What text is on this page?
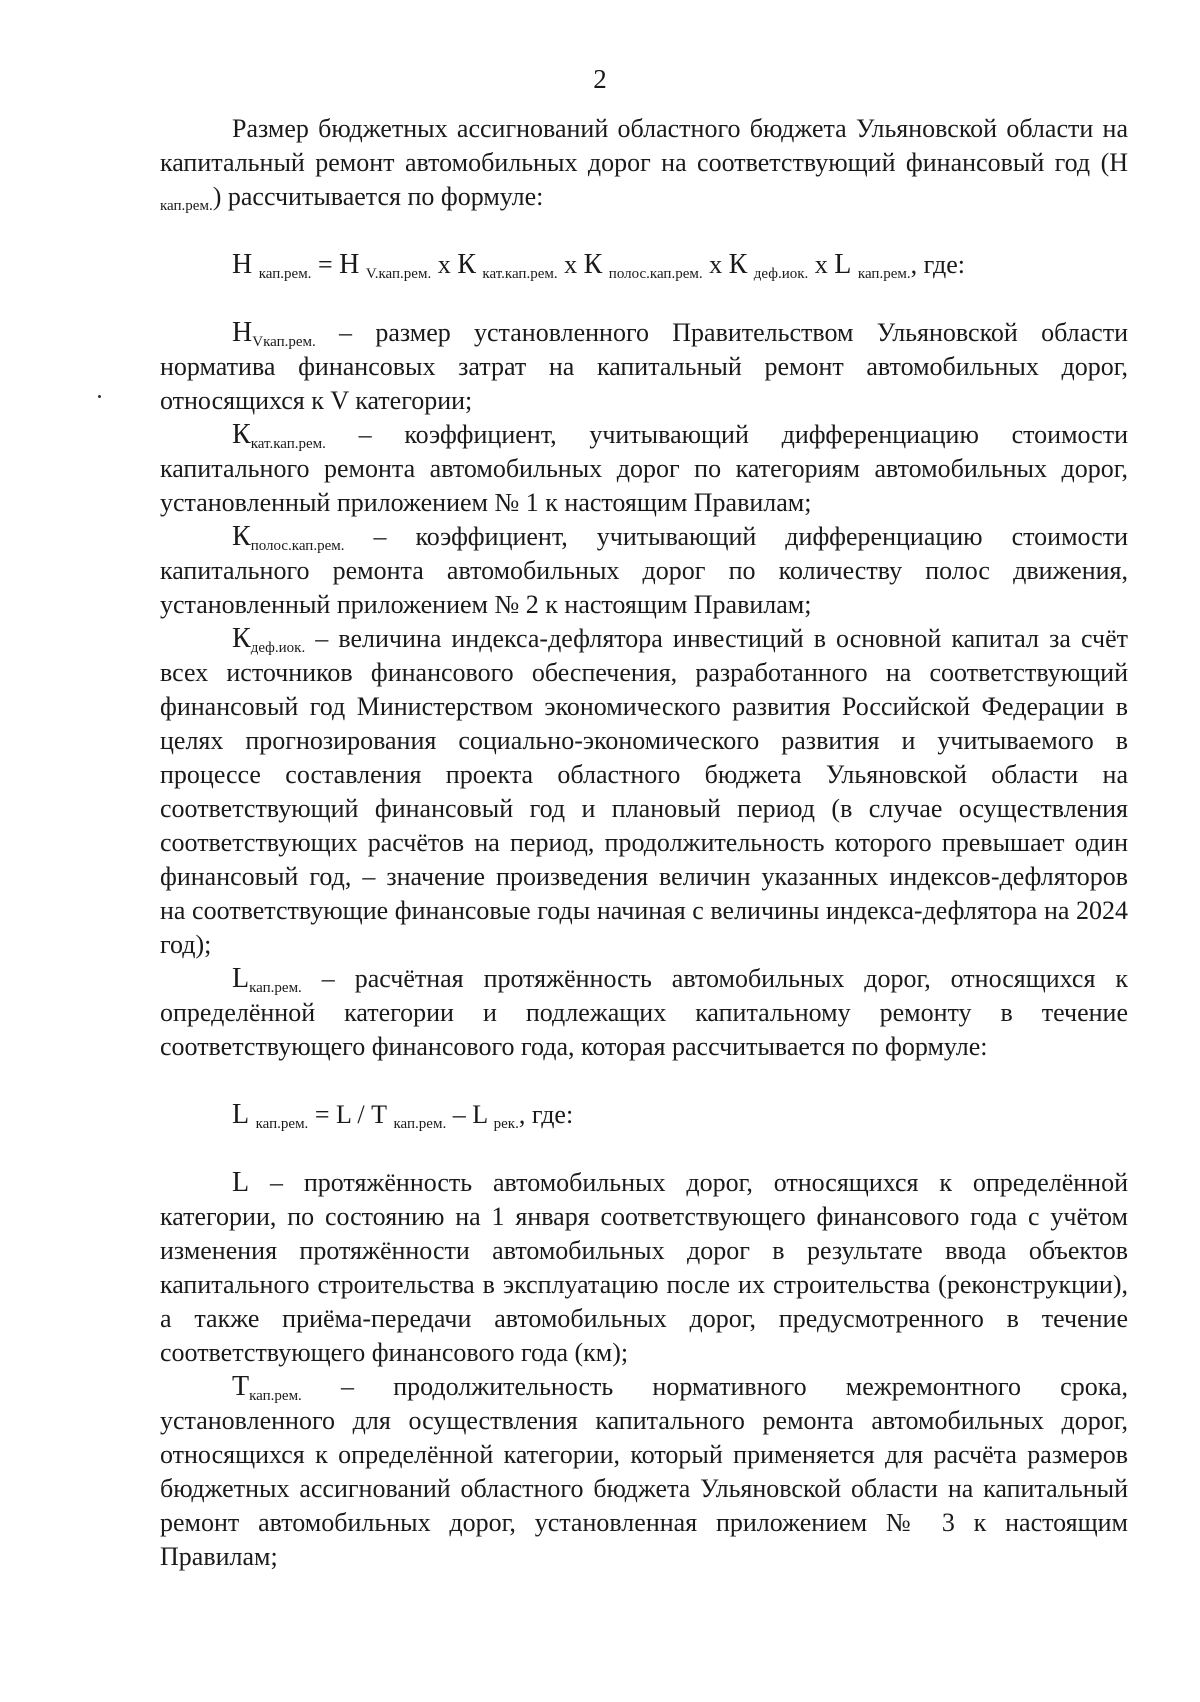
2

Размер бюджетных ассигнований областного бюджета Ульяновской области на капитальный ремонт автомобильных дорог на соответствующий финансовый год (Н $_{кап.рем.}$) рассчитывается по формуле:

Н $_{кап.рем.}$ = Н $_{V.кап.рем.}$ х К $_{кат.кап.рем.}$ х К $_{полос.кап.рем.}$ х К $_{деф.иок.}$ х L $_{кап.рем.}$, где:

$Н_{Vкап.рем.}$ – размер установленного Правительством Ульяновской области норматива финансовых затрат на капитальный ремонт автомобильных дорог, относящихся к V категории;

$К_{кат.кап.рем.}$ – коэффициент, учитывающий дифференциацию стоимости капитального ремонта автомобильных дорог по категориям автомобильных дорог, установленный приложением № 1 к настоящим Правилам;

$К_{полос.кап.рем.}$ – коэффициент, учитывающий дифференциацию стоимости капитального ремонта автомобильных дорог по количеству полос движения, установленный приложением № 2 к настоящим Правилам;

$К_{деф.иок.}$ – величина индекса-дефлятора инвестиций в основной капитал за счёт всех источников финансового обеспечения, разработанного на соответствующий финансовый год Министерством экономического развития Российской Федерации в целях прогнозирования социально-экономического развития и учитываемого в процессе составления проекта областного бюджета Ульяновской области на соответствующий финансовый год и плановый период (в случае осуществления соответствующих расчётов на период, продолжительность которого превышает один финансовый год, – значение произведения величин указанных индексов-дефляторов на соответствующие финансовые годы начиная с величины индекса-дефлятора на 2024 год);

$L_{кап.рем.}$ – расчётная протяжённость автомобильных дорог, относящихся к определённой категории и подлежащих капитальному ремонту в течение соответствующего финансового года, которая рассчитывается по формуле:

L $_{кап.рем.}$ = L / Т $_{кап.рем.}$ – L $_{рек.}$, где:

L – протяжённость автомобильных дорог, относящихся к определённой категории, по состоянию на 1 января соответствующего финансового года с учётом изменения протяжённости автомобильных дорог в результате ввода объектов капитального строительства в эксплуатацию после их строительства (реконструкции), а также приёма-передачи автомобильных дорог, предусмотренного в течение соответствующего финансового года (км);

$Т_{кап.рем.}$ – продолжительность нормативного межремонтного срока, установленного для осуществления капитального ремонта автомобильных дорог, относящихся к определённой категории, который применяется для расчёта размеров бюджетных ассигнований областного бюджета Ульяновской области на капитальный ремонт автомобильных дорог, установленная приложением № 3 к настоящим Правилам;
